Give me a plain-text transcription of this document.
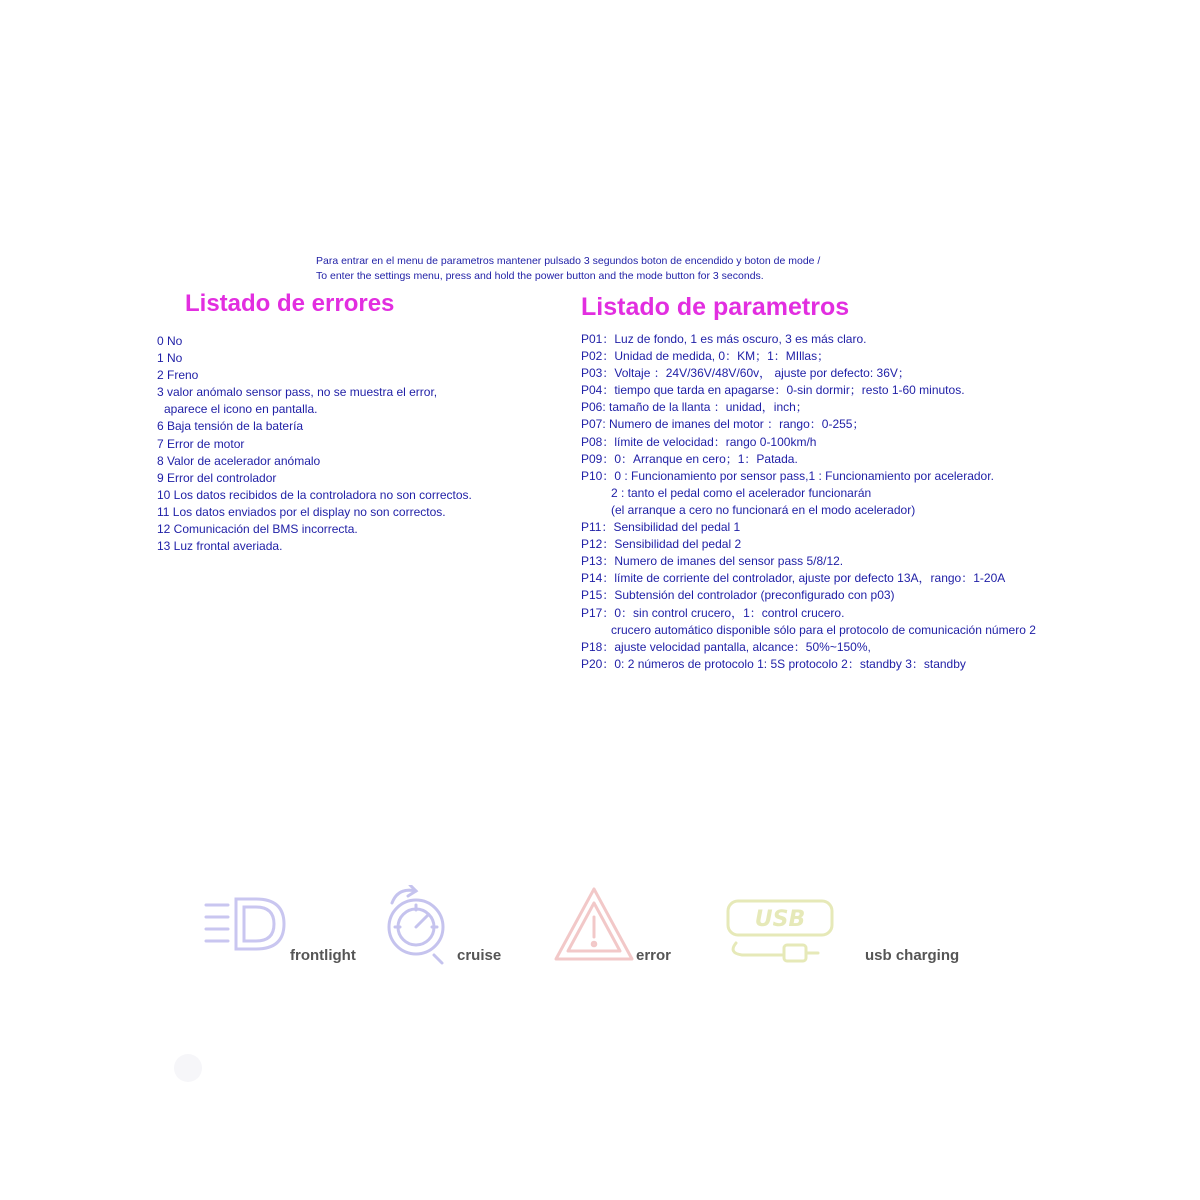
Para entrar en el menu de parametros mantener pulsado 3 segundos boton de encendido y boton de mode /
To enter the settings menu, press and hold the power button and the mode button for 3 seconds.
Listado de errores	Listado de parametros
0 No
1 No
2 Freno
3 valor anómalo sensor pass, no se muestra el error,
aparece el icono en pantalla.
6 Baja tensión de la batería
7 Error de motor
8 Valor de acelerador anómalo
9 Error del controlador
10 Los datos recibidos de la controladora no son correctos.
11 Los datos enviados por el display no son correctos.
12 Comunicación del BMS incorrecta.
13 Luz frontal averiada.
P01：Luz de fondo, 1 es más oscuro, 3 es más claro.
P02：Unidad de medida, 0：KM；1：MIllas；
P03：Voltaje ：24V/36V/48V/60v， ajuste por defecto: 36V；
P04：tiempo que tarda en apagarse：0-sin dormir；resto 1-60 minutos.
P06: tamaño de la llanta ：unidad，inch；
P07: Numero de imanes del motor ：rango：0-255；
P08：límite de velocidad：rango 0-100km/h
P09：0：Arranque en cero；1：Patada.
P10：0 : Funcionamiento por sensor pass,1 : Funcionamiento por acelerador.
2 : tanto el pedal como el acelerador funcionarán
(el arranque a cero no funcionará en el modo acelerador)
P11：Sensibilidad del pedal 1
P12：Sensibilidad del pedal 2
P13：Numero de imanes del sensor pass 5/8/12.
P14：límite de corriente del controlador, ajuste por defecto 13A，rango：1-20A
P15：Subtensión del controlador (preconfigurado con p03)
P17：0：sin control crucero，1：control crucero.
crucero automático disponible sólo para el protocolo de comunicación número 2
P18：ajuste velocidad pantalla, alcance：50%~150%,
P20：0: 2 números de protocolo 1: 5S protocolo 2：standby 3：standby
frontlight	cruise	error
USB
usb charging
